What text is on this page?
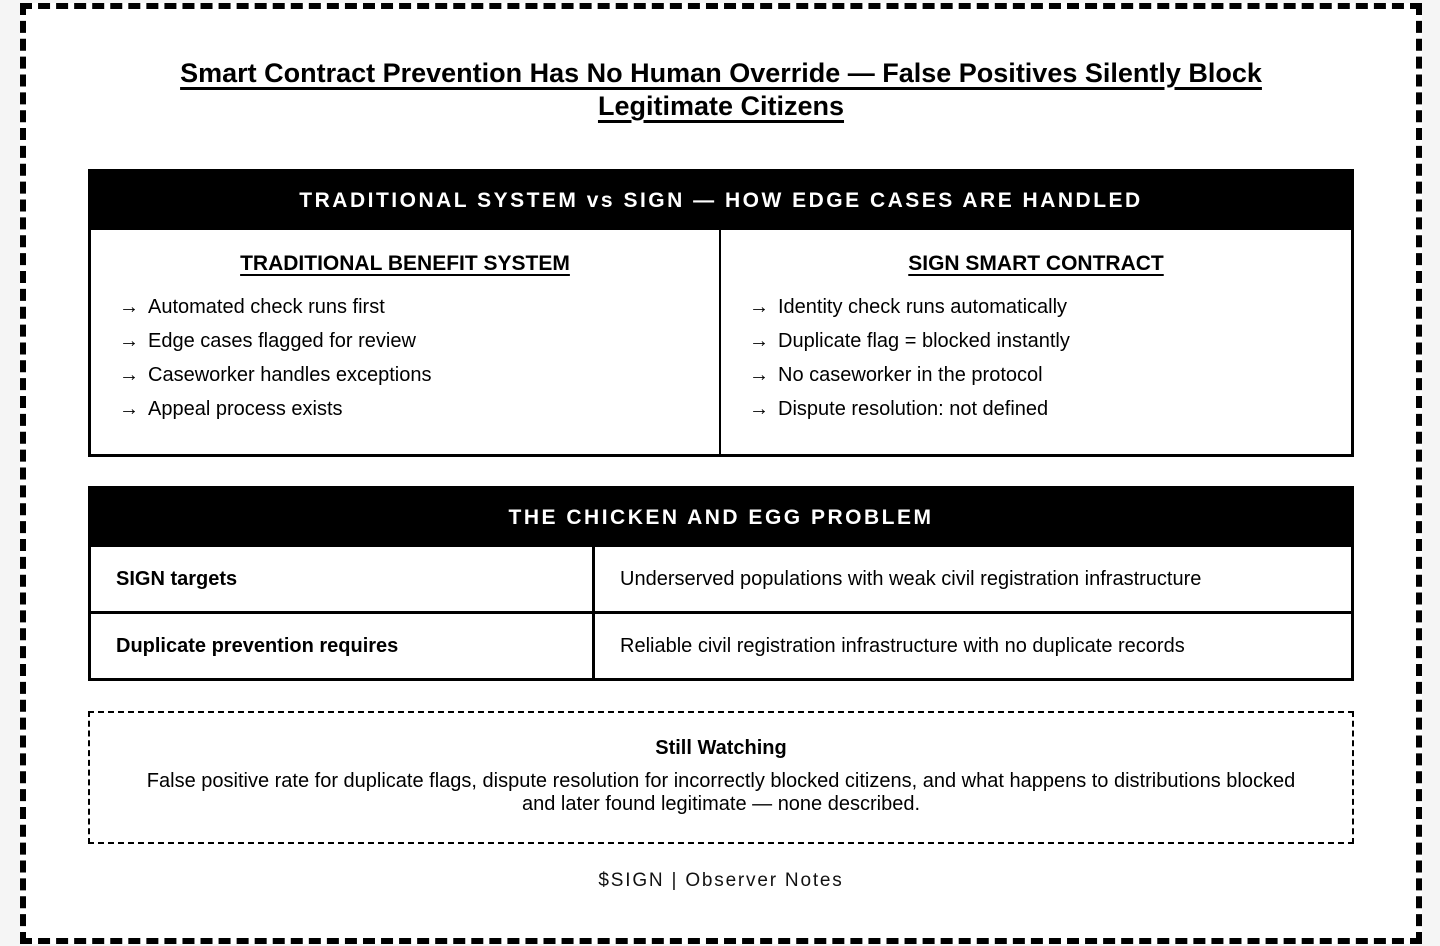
Smart Contract Prevention Has No Human Override — False Positives Silently Block
Legitimate Citizens
TRADITIONAL SYSTEM vs SIGN — HOW EDGE CASES ARE HANDLED
TRADITIONAL BENEFIT SYSTEM
→ Automated check runs first
→ Edge cases flagged for review
→ Caseworker handles exceptions
→ Appeal process exists
SIGN SMART CONTRACT
→ Identity check runs automatically
→ Duplicate flag = blocked instantly
→ No caseworker in the protocol
→ Dispute resolution: not defined
THE CHICKEN AND EGG PROBLEM
SIGN targets	Underserved populations with weak civil registration infrastructure
Duplicate prevention requires	Reliable civil registration infrastructure with no duplicate records
Still Watching

False positive rate for duplicate flags, dispute resolution for incorrectly blocked citizens, and what happens to distributions blocked and later found legitimate — none described.

$SIGN | Observer Notes
